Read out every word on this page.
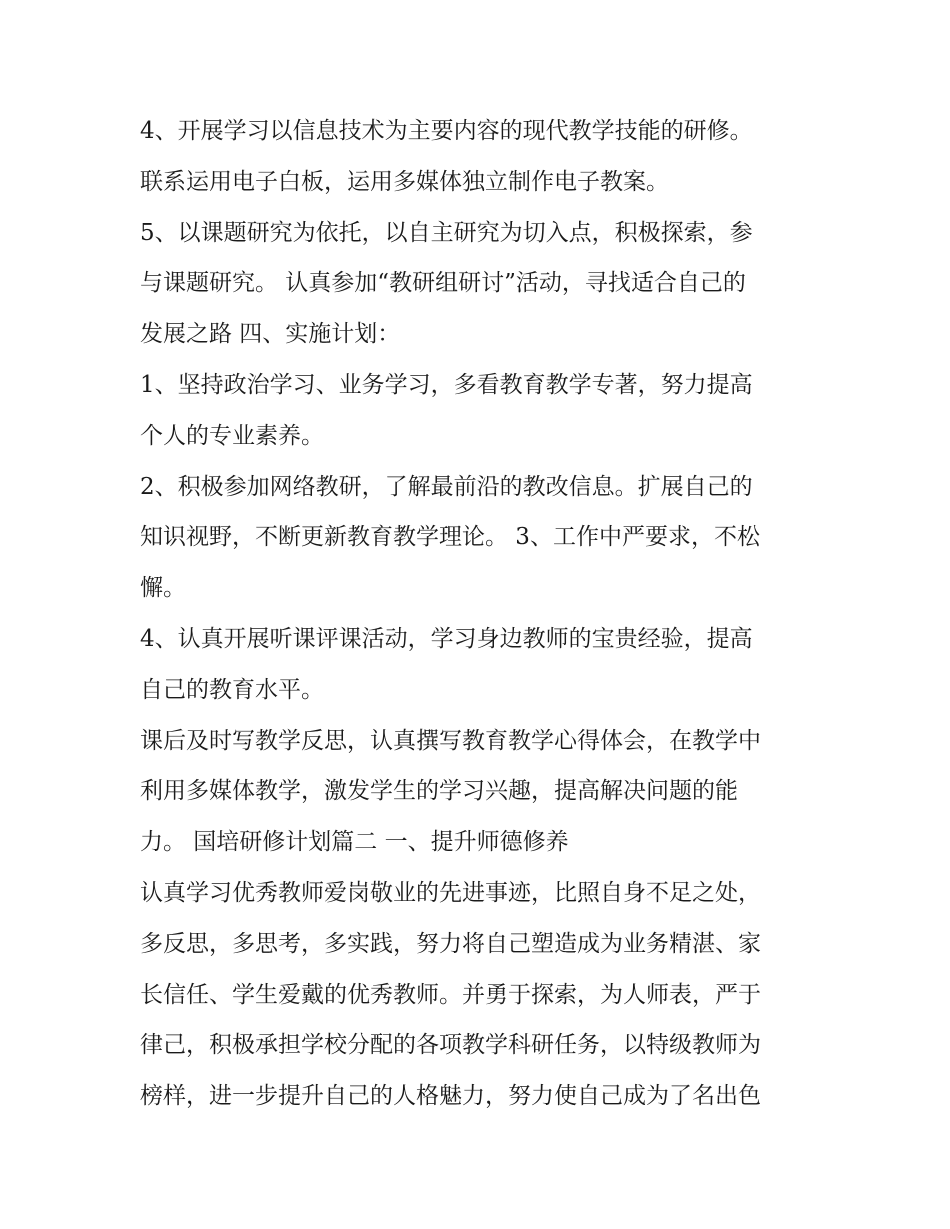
4、开展学习以信息技术为主要内容的现代教学技能的研修。
联系运用电子白板，运用多媒体独立制作电子教案。
5、以课题研究为依托，以自主研究为切入点，积极探索，参
与课题研究。 认真参加“教研组研讨”活动，寻找适合自己的
发展之路 四、实施计划：
1、坚持政治学习、业务学习，多看教育教学专著，努力提高
个人的专业素养。
2、积极参加网络教研，了解最前沿的教改信息。扩展自己的
知识视野，不断更新教育教学理论。 3、工作中严要求，不松
懈。
4、认真开展听课评课活动，学习身边教师的宝贵经验，提高
自己的教育水平。
课后及时写教学反思，认真撰写教育教学心得体会，在教学中
利用多媒体教学，激发学生的学习兴趣，提高解决问题的能
力。 国培研修计划篇二 一、提升师德修养
认真学习优秀教师爱岗敬业的先进事迹，比照自身不足之处，
多反思，多思考，多实践，努力将自己塑造成为业务精湛、家
长信任、学生爱戴的优秀教师。并勇于探索，为人师表，严于
律己，积极承担学校分配的各项教学科研任务，以特级教师为
榜样，进一步提升自己的人格魅力，努力使自己成为了名出色
